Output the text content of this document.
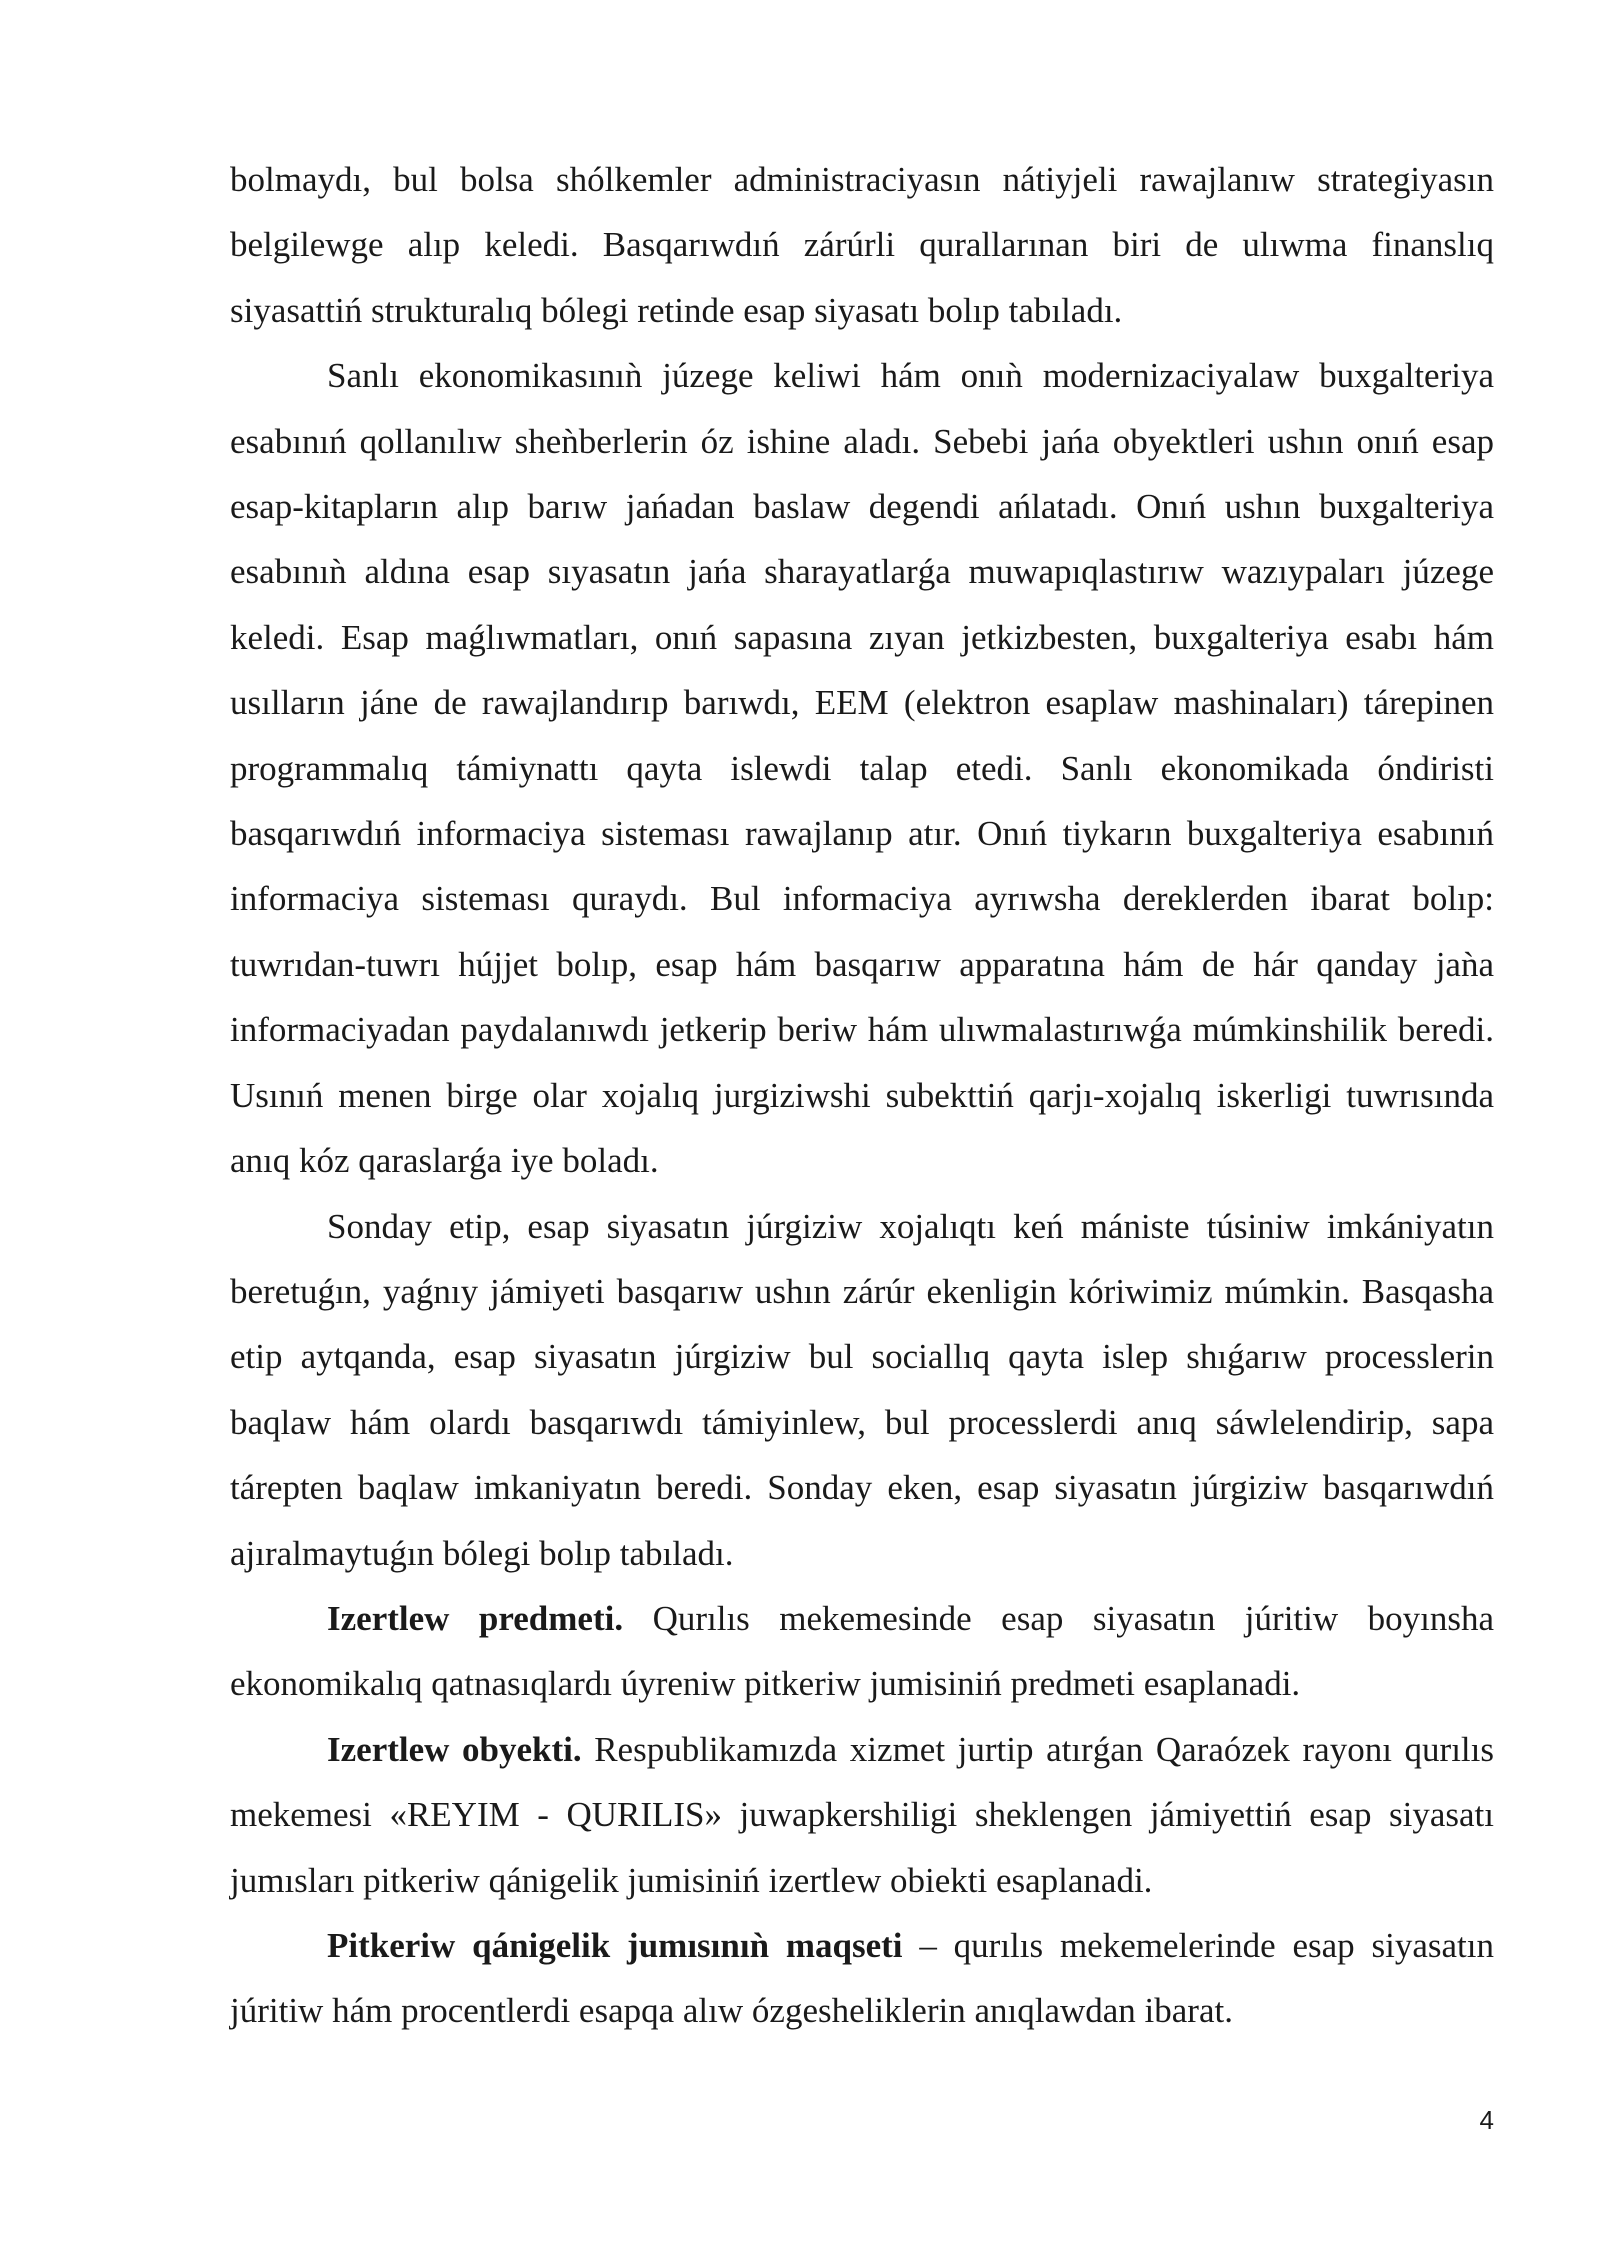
bolmaydı, bul bolsa shólkemler administraciyasın nátiyjeli rawajlanıw strategiyasın belgilewge alıp keledi. Basqarıwdıń zárúrli qurallarınan biri de ulıwma finanslıq siyasattiń strukturalıq bólegi retinde esap siyasatı bolıp tabıladı.

Sanlı ekonomikasınıǹ júzege keliwi hám onıǹ modernizaciyalaw buxgalteriya esabınıń qollanılıw sheǹberlerin óz ishine aladı. Sebebi jańa obyektleri ushın onıń esap esap-kitapların alıp barıw jańadan baslaw degendi ańlatadı. Onıń ushın buxgalteriya esabınıǹ aldına esap sıyasatın jańa sharayatlarǵa muwapıqlastırıw wazıypaları júzege keledi. Esap maǵlıwmatları, onıń sapasına zıyan jetkizbesten, buxgalteriya esabı hám usılların jáne de rawajlandırıp barıwdı, EEM (elektron esaplaw mashinaları) tárepinen programmalıq támiynattı qayta islewdi talap etedi. Sanlı ekonomikada óndiristi basqarıwdıń informaciya sisteması rawajlanıp atır. Onıń tiykarın buxgalteriya esabınıń informaciya sisteması quraydı. Bul informaciya ayrıwsha dereklerden ibarat bolıp: tuwrıdan-tuwrı hújjet bolıp, esap hám basqarıw apparatına hám de hár qanday jaǹa informaciyadan paydalanıwdı jetkerip beriw hám ulıwmalastırıwǵa múmkinshilik beredi. Usınıń menen birge olar xojalıq jurgiziwshi subekttiń qarjı-xojalıq iskerligi tuwrısında anıq kóz qaraslarǵa iye boladı.

Sonday etip, esap siyasatın júrgiziw xojalıqtı keń mániste túsiniw imkániyatın beretuǵın, yaǵnıy jámiyeti basqarıw ushın zárúr ekenligin kóriwimiz múmkin. Basqasha etip aytqanda, esap siyasatın júrgiziw bul sociallıq qayta islep shıǵarıw processlerin baqlaw hám olardı basqarıwdı támiyinlew, bul processlerdi anıq sáwlelendirip, sapa tárepten baqlaw imkaniyatın beredi. Sonday eken, esap siyasatın júrgiziw basqarıwdıń ajıralmaytuǵın bólegi bolıp tabıladı.

Izertlew predmeti. Qurılıs mekemesinde esap siyasatın júritiw boyınsha ekonomikalıq qatnasıqlardı úyreniw pitkeriw jumisiniń predmeti esaplanadi.

Izertlew obyekti. Respublikamızda xizmet jurtip atırǵan Qaraózek rayonı qurılıs mekemesi «REYIM - QURILIS» juwapkershiligi sheklengen jámiyettiń esap siyasatı jumısları pitkeriw qánigelik jumisiniń izertlew obiekti esaplanadi.

Pitkeriw qánigelik jumısınıǹ maqseti – qurılıs mekemelerinde esap siyasatın júritiw hám procentlerdi esapqa alıw ózgesheliklerin anıqlawdan ibarat.

4
